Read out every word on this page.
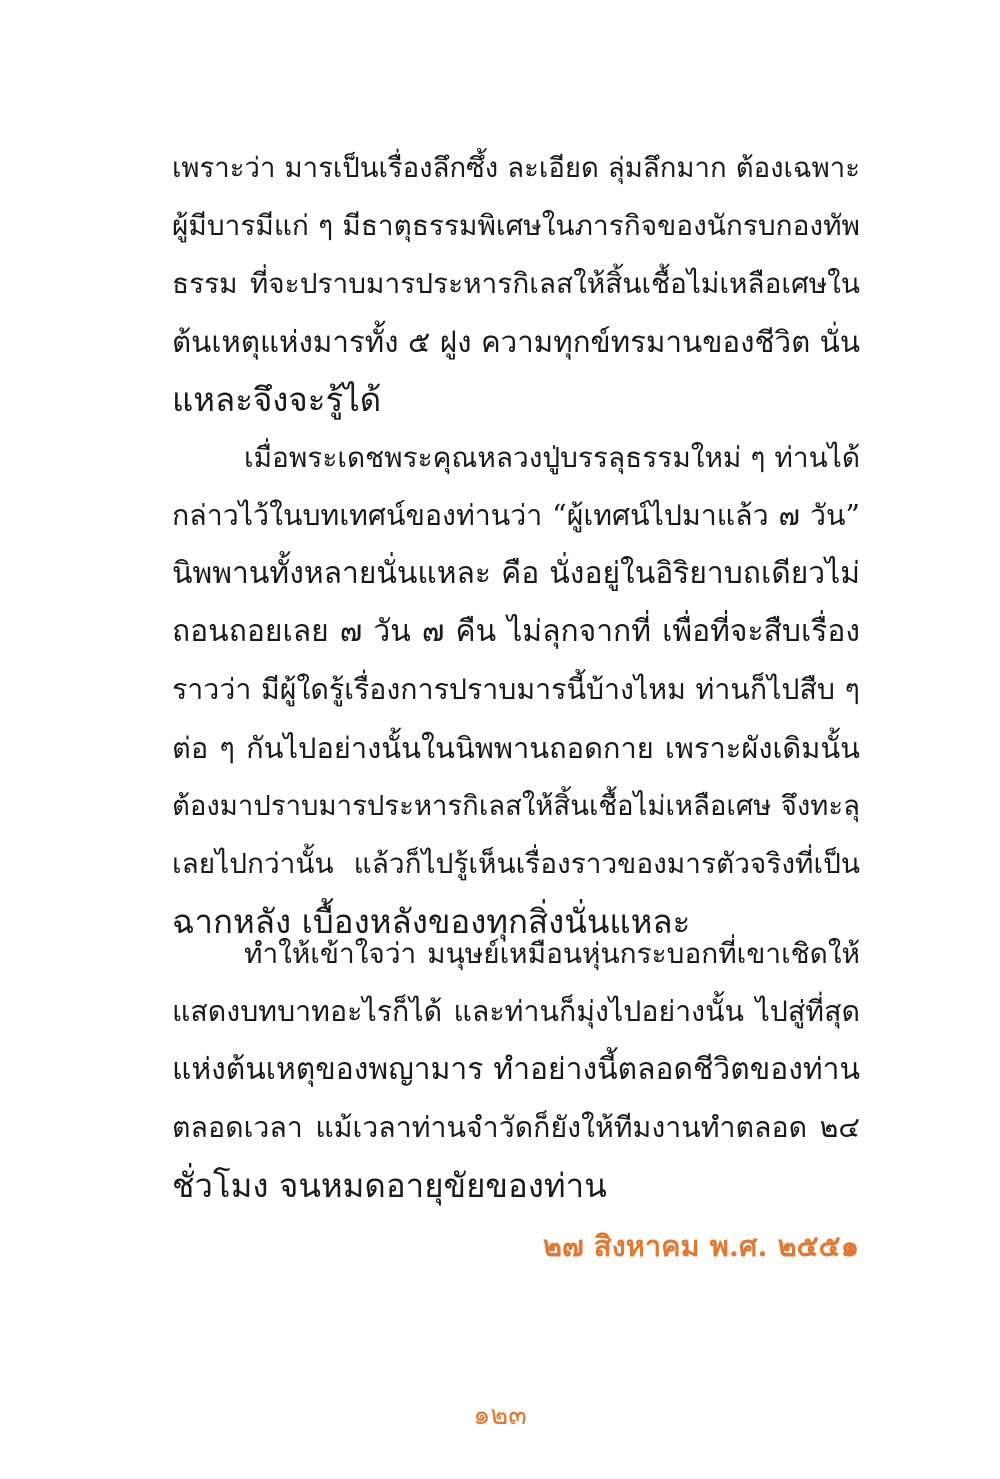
เพราะว่า มารเป็นเรื่องลึกซึ้ง ละเอียด ลุ่มลึกมาก ต้องเฉพาะ
ผู้มีบารมีแก่ ๆ มีธาตุธรรมพิเศษในภารกิจของนักรบกองทัพ
ธรรม ที่จะปราบมารประหารกิเลสให้สิ้นเชื้อไม่เหลือเศษใน
ต้นเหตุแห่งมารทั้ง ๕ ฝูง ความทุกข์ทรมานของชีวิต นั่น
แหละจึงจะรู้ได้
เมื่อพระเดชพระคุณหลวงปู่บรรลุธรรมใหม่ ๆ ท่านได้
กล่าวไว้ในบทเทศน์ของท่านว่า “ผู้เทศน์ไปมาแล้ว ๗ วัน”
นิพพานทั้งหลายนั่นแหละ คือ นั่งอยู่ในอิริยาบถเดียวไม่
ถอนถอยเลย ๗ วัน ๗ คืน ไม่ลุกจากที่ เพื่อที่จะสืบเรื่อง
ราวว่า มีผู้ใดรู้เรื่องการปราบมารนี้บ้างไหม ท่านก็ไปสืบ ๆ
ต่อ ๆ กันไปอย่างนั้นในนิพพานถอดกาย เพราะผังเดิมนั้น
ต้องมาปราบมารประหารกิเลสให้สิ้นเชื้อไม่เหลือเศษ จึงทะลุ
เลยไปกว่านั้น แล้วก็ไปรู้เห็นเรื่องราวของมารตัวจริงที่เป็น
ฉากหลัง เบื้องหลังของทุกสิ่งนั่นแหละ
ทำให้เข้าใจว่า มนุษย์เหมือนหุ่นกระบอกที่เขาเชิดให้
แสดงบทบาทอะไรก็ได้ และท่านก็มุ่งไปอย่างนั้น ไปสู่ที่สุด
แห่งต้นเหตุของพญามาร ทำอย่างนี้ตลอดชีวิตของท่าน
ตลอดเวลา แม้เวลาท่านจำวัดก็ยังให้ทีมงานทำตลอด ๒๔
ชั่วโมง จนหมดอายุขัยของท่าน
๒๗ สิงหาคม พ.ศ. ๒๕๕๑
๑๒๓
